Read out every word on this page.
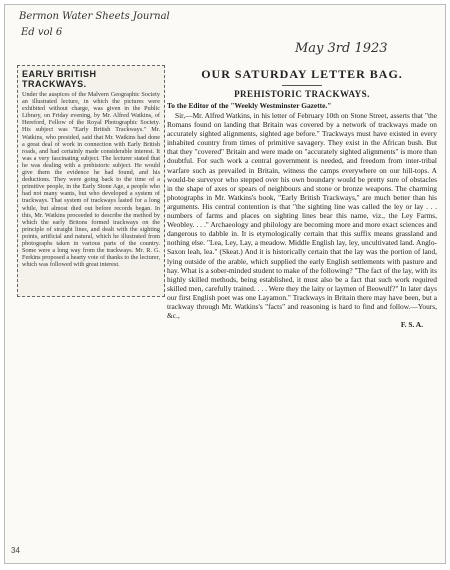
Bermon Water Sheets Journal
Ed vol 6
May 3rd 1923
EARLY BRITISH TRACKWAYS.
Under the auspices of the Malvern Geographic Society an illustrated lecture, in which the pictures were exhibited without charge, was given in the Public Library, on Friday evening, by Mr. Alfred Watkins, of Hereford, Fellow of the Royal Photographic Society. His subject was "Early British Trackways." Mr. Watkins, who presided, said that Mr. Watkins had done a great deal of work in connection with Early British roads, and had certainly made considerable interest. It was a very fascinating subject. The lecturer stated that he was dealing with a prehistoric subject. He would give them the evidence he had found, and his deductions. They were going back to the time of a primitive people, in the Early Stone Age, a people who had not many wants, but who developed a system of trackways. That system of trackways lasted for a long while, but almost died out before records began. In this, Mr. Watkins proceeded to describe the method by which the early Britons formed trackways on the principle of straight lines, and dealt with the sighting points, artificial and natural, which he illustrated from photographs taken in various parts of the country. Some were a long way from the trackways. Mr. R. G. Ferkins proposed a hearty vote of thanks to the lecturer, which was followed with great interest.
OUR SATURDAY LETTER BAG.
PREHISTORIC TRACKWAYS.
To the Editor of the "Weekly Westminster Gazette."

Sir,—Mr. Alfred Watkins, in his letter of February 10th on Stone Street, asserts that "the Romans found on landing that Britain was covered by a network of trackways made on accurately sighted alignments, sighted age before." Trackways must have existed in every inhabited country from times of primitive savagery. They exist in the African bush. But that they "covered" Britain and were made on "accurately sighted alignments" is more than doubtful. For such work a central government is needed, and freedom from inter-tribal warfare such as prevailed in Britain, witness the camps everywhere on our hill-tops. A would-be surveyor who stepped over his own boundary would be pretty sure of obstacles in the shape of axes or spears of neighbours and stone or bronze weapons. The charming photographs in Mr. Watkins's book, "Early British Trackways," are much better than his arguments. His central contention is that "the sighting line was called the ley or lay . . . numbers of farms and places on sighting lines bear this name, viz., the Ley Farms, Weobley. . . ." Archaeology and philology are becoming more and more exact sciences and dangerous to dabble in. It is etymologically certain that this suffix means grassland and nothing else. "Lea, Ley, Lay, a meadow. Middle English lay, ley, uncultivated land. Anglo-Saxon leah, lea." (Skeat.) And it is historically certain that the lay was the portion of land, lying outside of the arable, which supplied the early English settlements with pasture and hay. What is a sober-minded student to make of the following? "The fact of the lay, with its highly skilled methods, being established, it must also be a fact that such work required skilled men, carefully trained. . . . Were they the laity or laymen of Beowulf?" In later days our first English poet was one Layamon." Trackways in Britain there may have been, but a trackway through Mr. Watkins's "facts" and reasoning is hard to find and follow.—Yours, &c.,

F. S. A.
34
